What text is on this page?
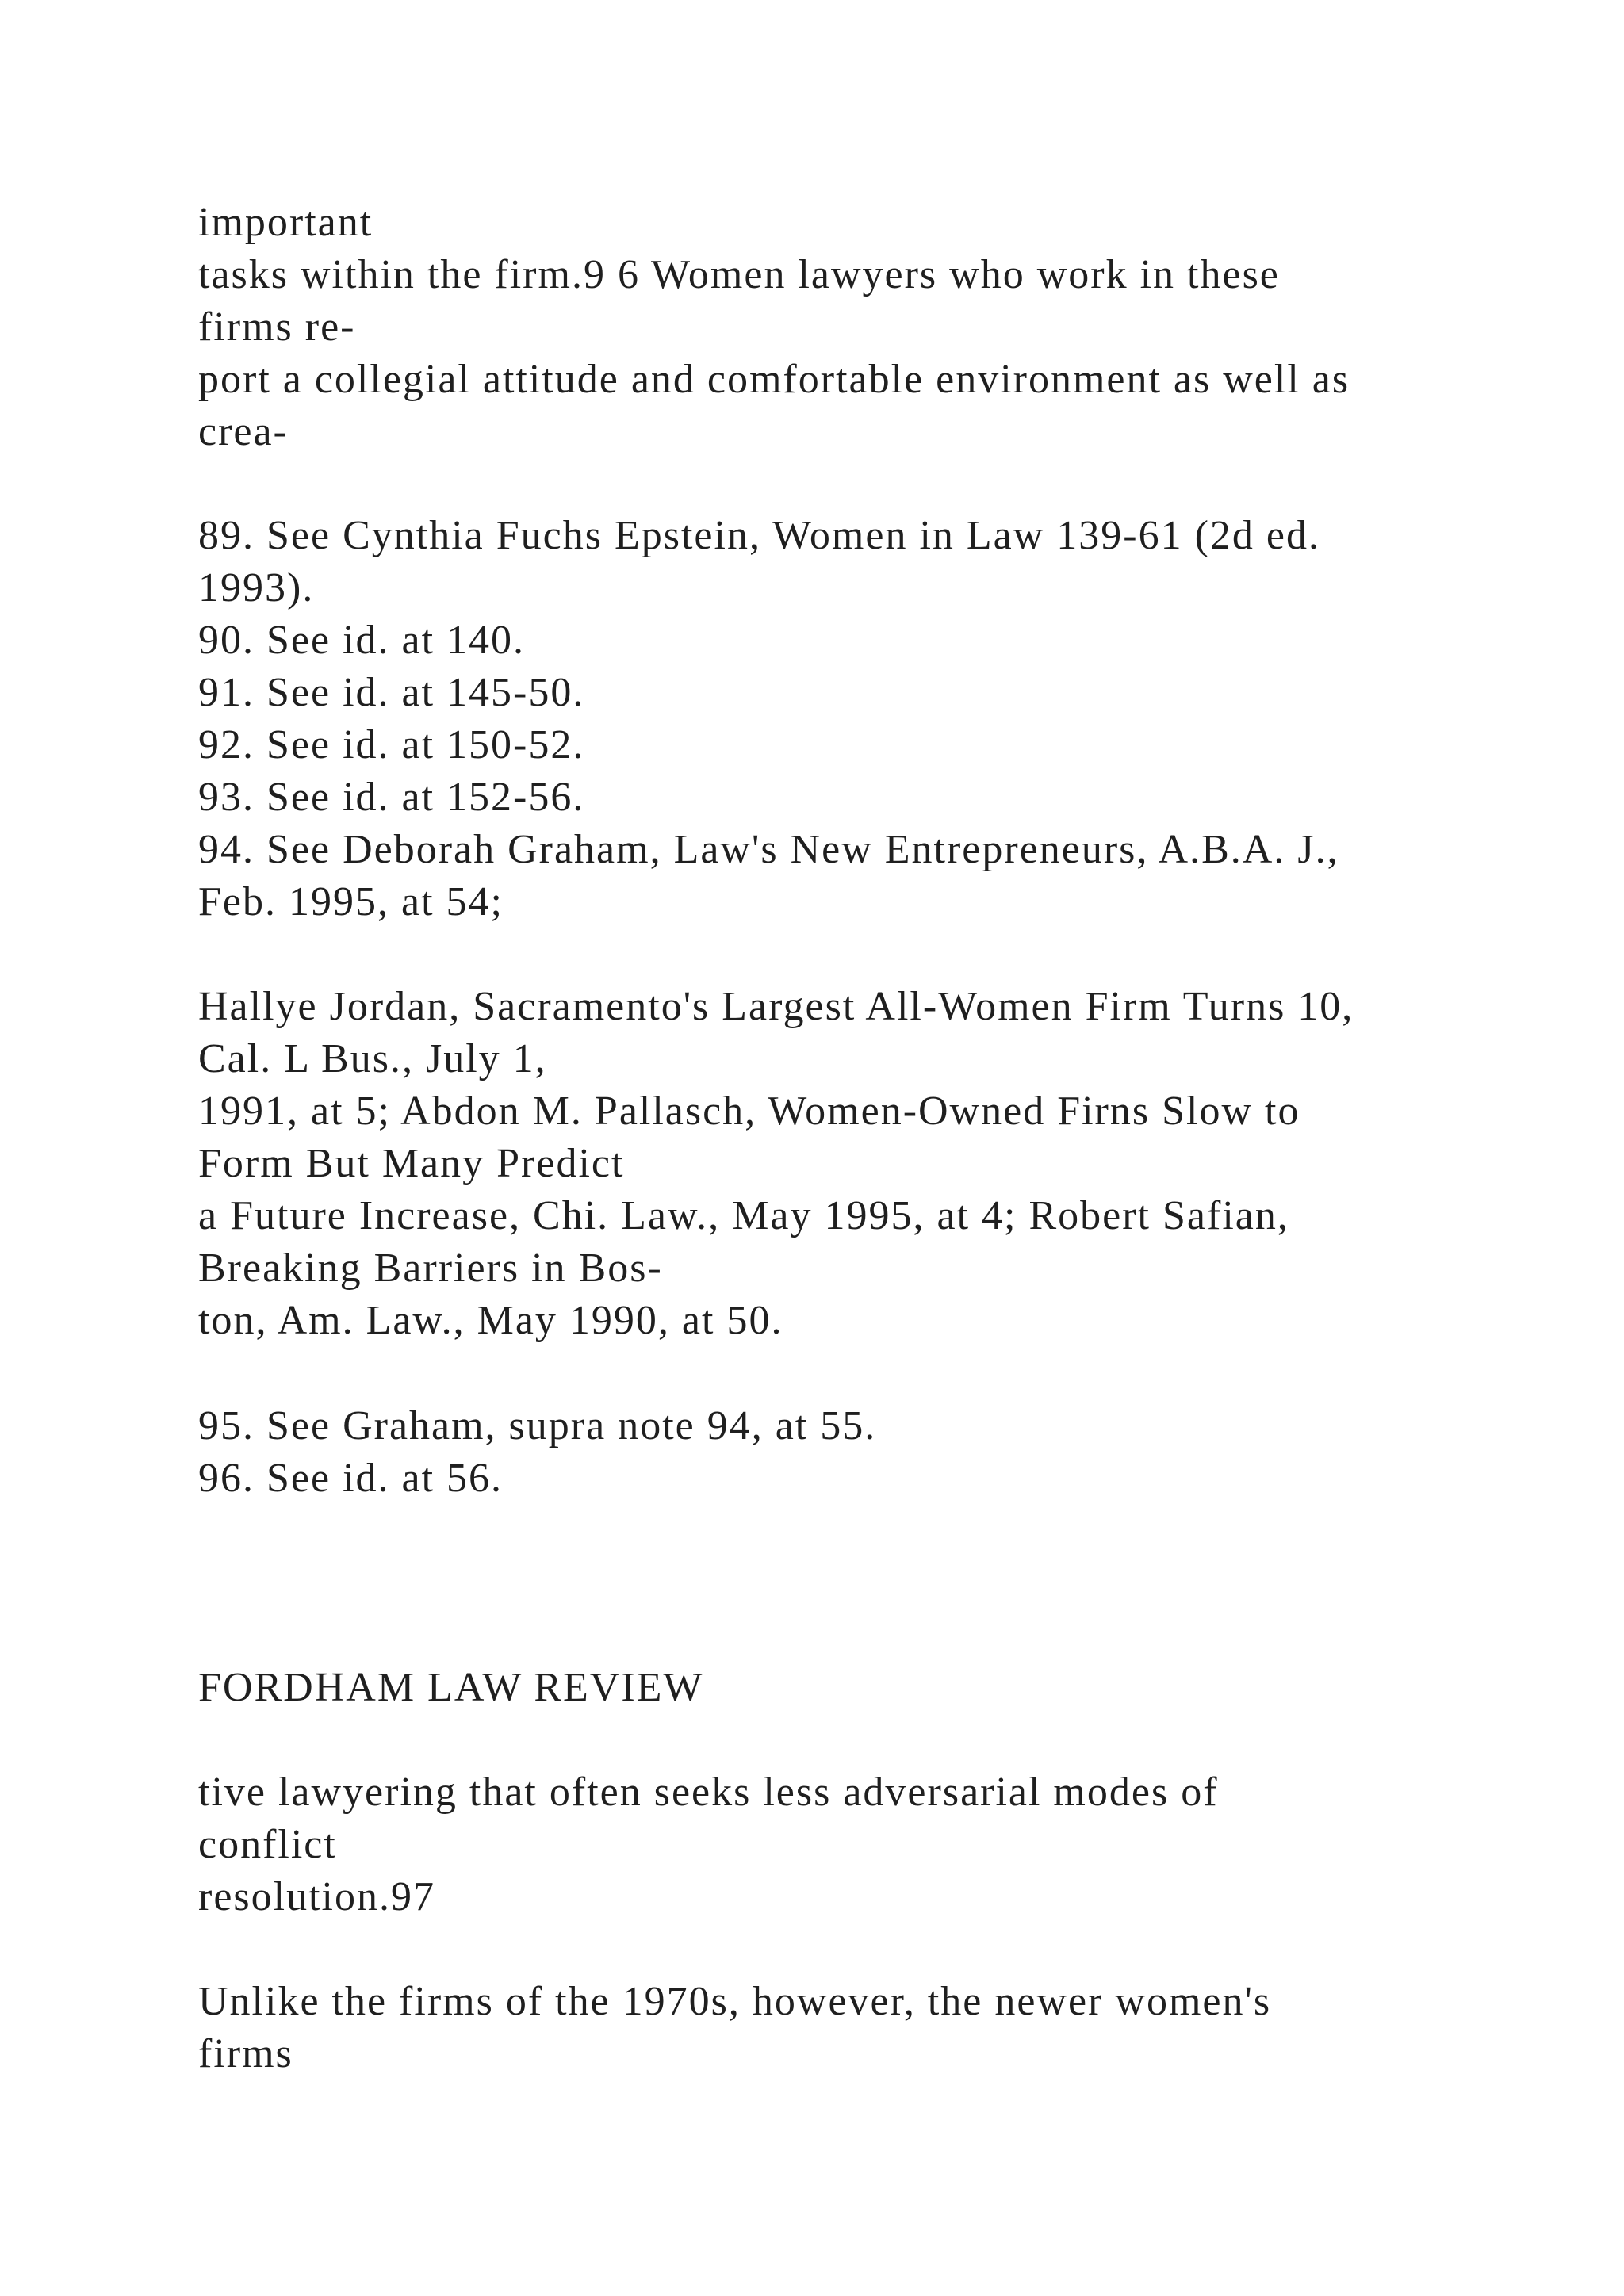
important
tasks within the firm.9 6 Women lawyers who work in these
firms re-
port a collegial attitude and comfortable environment as well as
crea-
89. See Cynthia Fuchs Epstein, Women in Law 139-61 (2d ed.
1993).
90. See id. at 140.
91. See id. at 145-50.
92. See id. at 150-52.
93. See id. at 152-56.
94. See Deborah Graham, Law's New Entrepreneurs, A.B.A. J.,
Feb. 1995, at 54;
Hallye Jordan, Sacramento's Largest All-Women Firm Turns 10,
Cal. L Bus., July 1,
1991, at 5; Abdon M. Pallasch, Women-Owned Firns Slow to
Form But Many Predict
a Future Increase, Chi. Law., May 1995, at 4; Robert Safian,
Breaking Barriers in Bos-
ton, Am. Law., May 1990, at 50.
95. See Graham, supra note 94, at 55.
96. See id. at 56.
FORDHAM LAW REVIEW
tive lawyering that often seeks less adversarial modes of
conflict
resolution.97
Unlike the firms of the 1970s, however, the newer women's
firms
